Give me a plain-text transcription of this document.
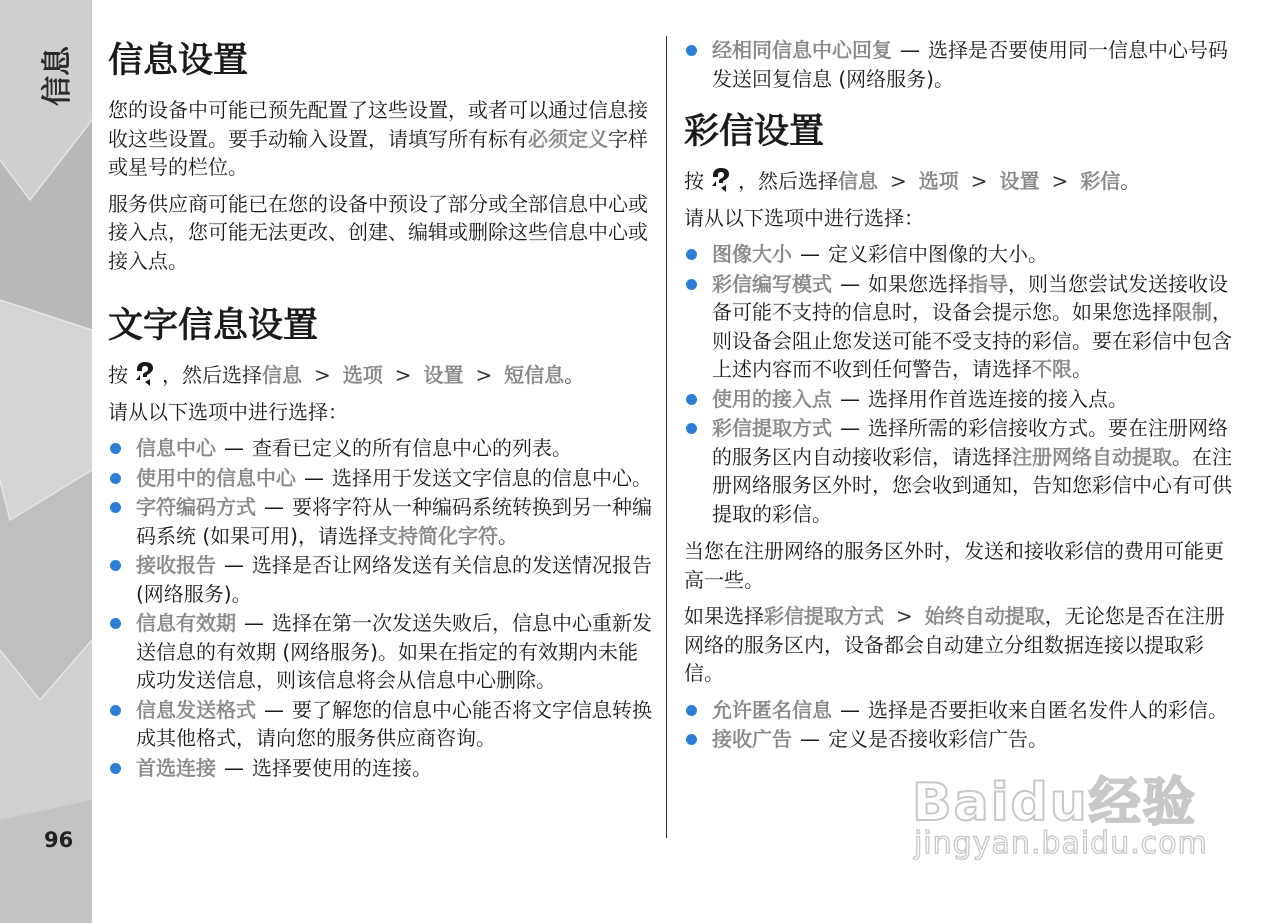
信息
96
信息设置

您的设备中可能已预先配置了这些设置，或者可以通过信息接收这些设置。要手动输入设置，请填写所有标有必须定义字样或星号的栏位。

服务供应商可能已在您的设备中预设了部分或全部信息中心或接入点，您可能无法更改、创建、编辑或删除这些信息中心或接入点。

文字信息设置

按 ，然后选择信息 > 选项 > 设置 > 短信息。

请从以下选项中进行选择：

信息中心 — 查看已定义的所有信息中心的列表。
使用中的信息中心 — 选择用于发送文字信息的信息中心。
字符编码方式 — 要将字符从一种编码系统转换到另一种编码系统 (如果可用)，请选择支持简化字符。
接收报告 — 选择是否让网络发送有关信息的发送情况报告 (网络服务)。
信息有效期 — 选择在第一次发送失败后，信息中心重新发送信息的有效期 (网络服务)。如果在指定的有效期内未能成功发送信息，则该信息将会从信息中心删除。
信息发送格式 — 要了解您的信息中心能否将文字信息转换成其他格式，请向您的服务供应商咨询。
首选连接 — 选择要使用的连接。
经相同信息中心回复 — 选择是否要使用同一信息中心号码发送回复信息 (网络服务)。
彩信设置

按 ，然后选择信息 > 选项 > 设置 > 彩信。

请从以下选项中进行选择：

图像大小 — 定义彩信中图像的大小。
彩信编写模式 — 如果您选择指导，则当您尝试发送接收设备可能不支持的信息时，设备会提示您。如果您选择限制，则设备会阻止您发送可能不受支持的彩信。要在彩信中包含上述内容而不收到任何警告，请选择不限。
使用的接入点 — 选择用作首选连接的接入点。
彩信提取方式 — 选择所需的彩信接收方式。要在注册网络的服务区内自动接收彩信，请选择注册网络自动提取。在注册网络服务区外时，您会收到通知，告知您彩信中心有可供提取的彩信。

当您在注册网络的服务区外时，发送和接收彩信的费用可能更高一些。

如果选择彩信提取方式 > 始终自动提取，无论您是否在注册网络的服务区内，设备都会自动建立分组数据连接以提取彩信。

允许匿名信息 — 选择是否要拒收来自匿名发件人的彩信。
接收广告 — 定义是否接收彩信广告。
Baidu经验
jingyan.baidu.com
